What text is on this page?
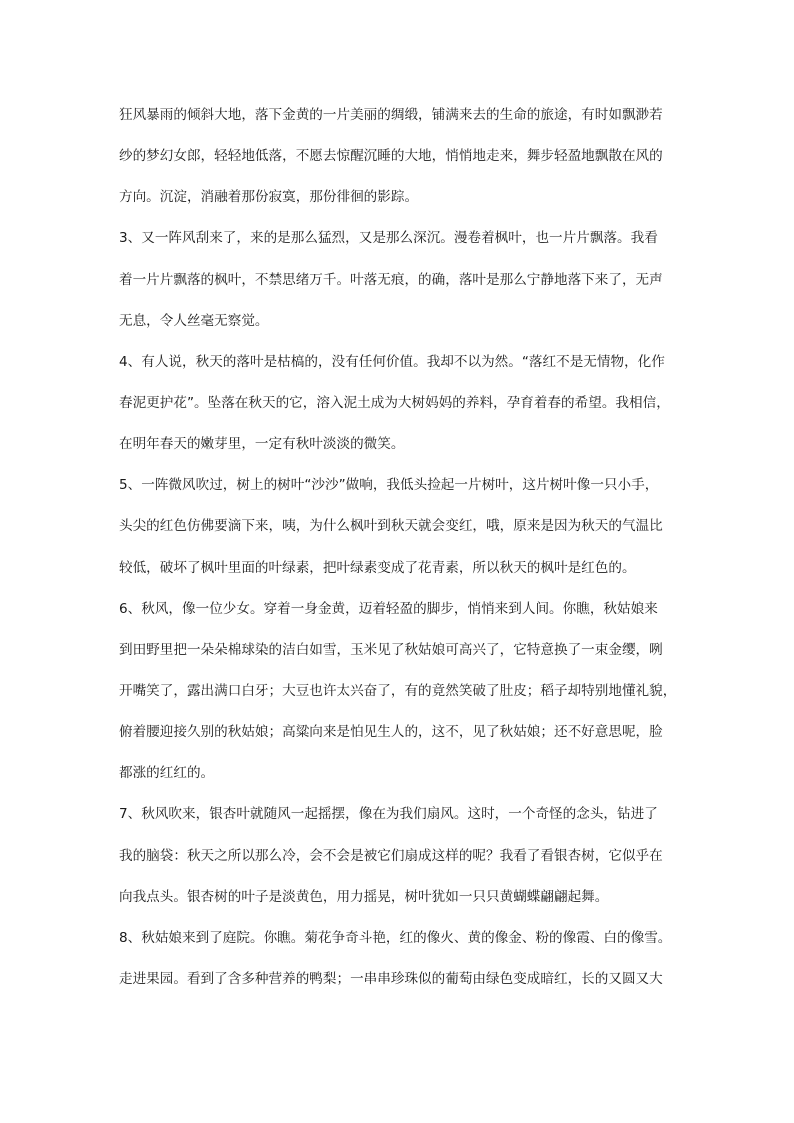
狂风暴雨的倾斜大地，落下金黄的一片美丽的绸缎，铺满来去的生命的旅途，有时如飘渺若
纱的梦幻女郎，轻轻地低落，不愿去惊醒沉睡的大地，悄悄地走来，舞步轻盈地飘散在风的
方向。沉淀，消融着那份寂寞，那份徘徊的影踪。
3、又一阵风刮来了，来的是那么猛烈，又是那么深沉。漫卷着枫叶，也一片片飘落。我看
着一片片飘落的枫叶，不禁思绪万千。叶落无痕，的确，落叶是那么宁静地落下来了，无声
无息，令人丝毫无察觉。
4、有人说，秋天的落叶是枯槁的，没有任何价值。我却不以为然。“落红不是无情物，化作
春泥更护花”。坠落在秋天的它，溶入泥土成为大树妈妈的养料，孕育着春的希望。我相信，
在明年春天的嫩芽里，一定有秋叶淡淡的微笑。
5、一阵微风吹过，树上的树叶“沙沙”做响，我低头捡起一片树叶，这片树叶像一只小手，
头尖的红色仿佛要滴下来，咦，为什么枫叶到秋天就会变红，哦，原来是因为秋天的气温比
较低，破坏了枫叶里面的叶绿素，把叶绿素变成了花青素，所以秋天的枫叶是红色的。
6、秋风，像一位少女。穿着一身金黄，迈着轻盈的脚步，悄悄来到人间。你瞧，秋姑娘来
到田野里把一朵朵棉球染的洁白如雪，玉米见了秋姑娘可高兴了，它特意换了一束金缨，咧
开嘴笑了，露出满口白牙；大豆也许太兴奋了，有的竟然笑破了肚皮；稻子却特别地懂礼貌，
俯着腰迎接久别的秋姑娘；高粱向来是怕见生人的，这不，见了秋姑娘；还不好意思呢，脸
都涨的红红的。
7、秋风吹来，银杏叶就随风一起摇摆，像在为我们扇风。这时，一个奇怪的念头，钻进了
我的脑袋：秋天之所以那么冷，会不会是被它们扇成这样的呢？我看了看银杏树，它似乎在
向我点头。银杏树的叶子是淡黄色，用力摇晃，树叶犹如一只只黄蝴蝶翩翩起舞。
8、秋姑娘来到了庭院。你瞧。菊花争奇斗艳，红的像火、黄的像金、粉的像霞、白的像雪。
走进果园。看到了含多种营养的鸭梨；一串串珍珠似的葡萄由绿色变成暗红，长的又圆又大
